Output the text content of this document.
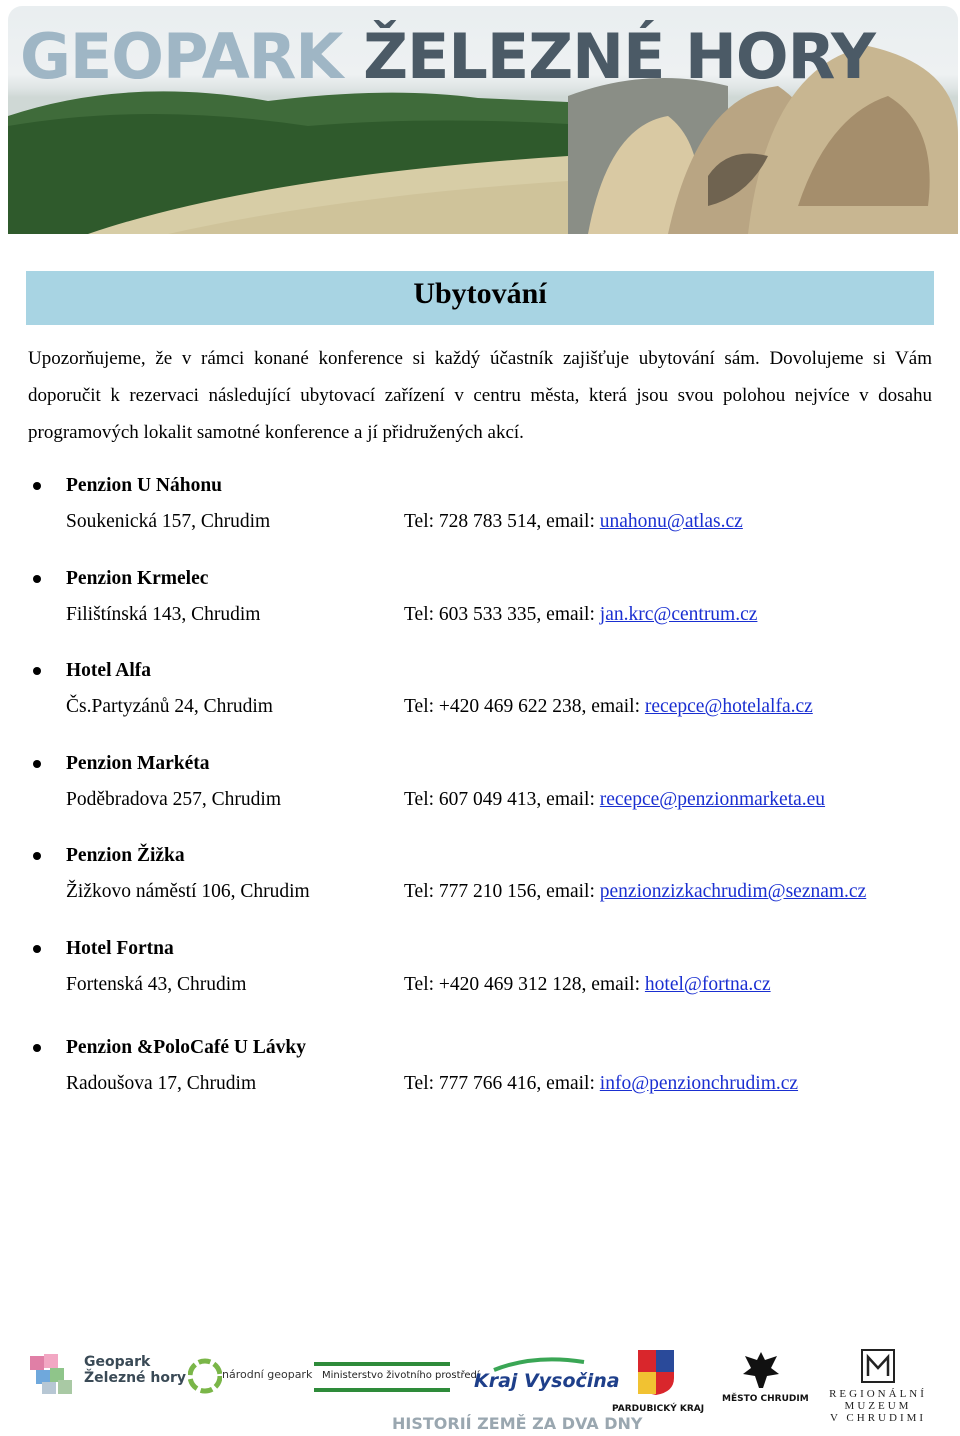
GEOPARK ŽELEZNÉ HORY
Ubytování
Upozorňujeme, že v rámci konané konference si každý účastník zajišťuje ubytování sám. Dovolujeme si Vám doporučit k rezervaci následující ubytovací zařízení v centru města, která jsou svou polohou nejvíce v dosahu programových lokalit samotné konference a jí přidružených akcí.
Penzion U Náhonu
Soukenická 157, Chrudim	Tel: 728 783 514, email: unahonu@atlas.cz
Penzion Krmelec
Filištínská 143, Chrudim	Tel: 603 533 335, email: jan.krc@centrum.cz
Hotel Alfa
Čs.Partyzánů 24, Chrudim	Tel: +420 469 622 238, email: recepce@hotelalfa.cz
Penzion Markéta
Poděbradova 257, Chrudim	Tel: 607 049 413, email: recepce@penzionmarketa.eu
Penzion Žižka
Žižkovo náměstí 106, Chrudim	Tel: 777 210 156, email: penzionzizkachrudim@seznam.cz
Hotel Fortna
Fortenská 43, Chrudim	Tel: +420 469 312 128, email: hotel@fortna.cz
Penzion &PoloCafé U Lávky
Radoušova 17, Chrudim	Tel: 777 766 416, email: info@penzionchrudim.cz
Geopark
Železné hory	národní geopark Ministerstvo životního prostředí
Kraj Vysočina
PARDUBICKÝ KRAJ
MĚSTO CHRUDIM REGIONÁLNÍ
MUZEUM
V CHRUDIMI
HISTORIÍ ZEMĚ ZA DVA DNY
